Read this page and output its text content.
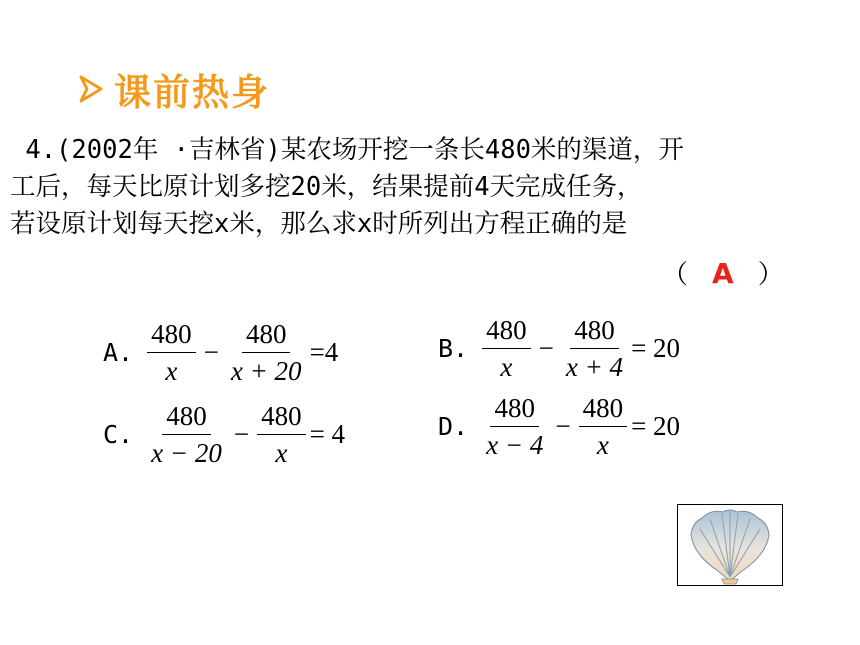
课前热身
4.(2002年 ·吉林省)某农场开挖一条长480米的渠道，开
工后，每天比原计划多挖20米，结果提前4天完成任务，
若设原计划每天挖x米，那么求x时所列出方程正确的是
（ A ）
A. $\frac{480}{x} - \frac{480}{x + 20} =4$	B. $\frac{480}{x} - \frac{480}{x + 4} = 20$
C. $\frac{480}{x - 20} - \frac{480}{x} = 4$	D. $\frac{480}{x - 4} - \frac{480}{x} = 20$
